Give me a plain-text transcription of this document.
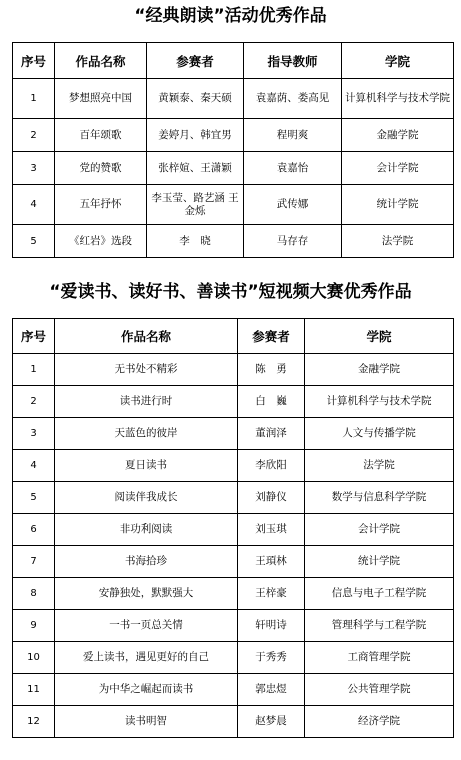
“经典朗读”活动优秀作品
序号	作品名称	参赛者	指导教师	学院
1	梦想照亮中国	黄颖泰、秦天硕	袁嘉荫、娄高见	计算机科学与技术学院
2	百年颂歌	姜婷月、韩宜男	程明爽	金融学院
3	党的赞歌	张梓媗、王潇颖	袁嘉怡	会计学院
4	五年抒怀	李玉莹、路艺涵 王金烁	武传娜	统计学院
5	《红岩》选段	李　晓	马存存	法学院
“爱读书、读好书、善读书”短视频大赛优秀作品
序号	作品名称	参赛者	学院
1	无书处不精彩	陈　勇	金融学院
2	读书进行时	白　巍	计算机科学与技术学院
3	天蓝色的彼岸	董润泽	人文与传播学院
4	夏日读书	李欣阳	法学院
5	阅读伴我成长	刘静仪	数学与信息科学学院
6	非功利阅读	刘玉琪	会计学院
7	书海拾珍	王頊林	统计学院
8	安静独处，默默强大	王梓豪	信息与电子工程学院
9	一书一页总关情	轩明诗	管理科学与工程学院
10	爱上读书，遇见更好的自己	于秀秀	工商管理学院
11	为中华之崛起而读书	郭忠煜	公共管理学院
12	读书明智	赵梦晨	经济学院
